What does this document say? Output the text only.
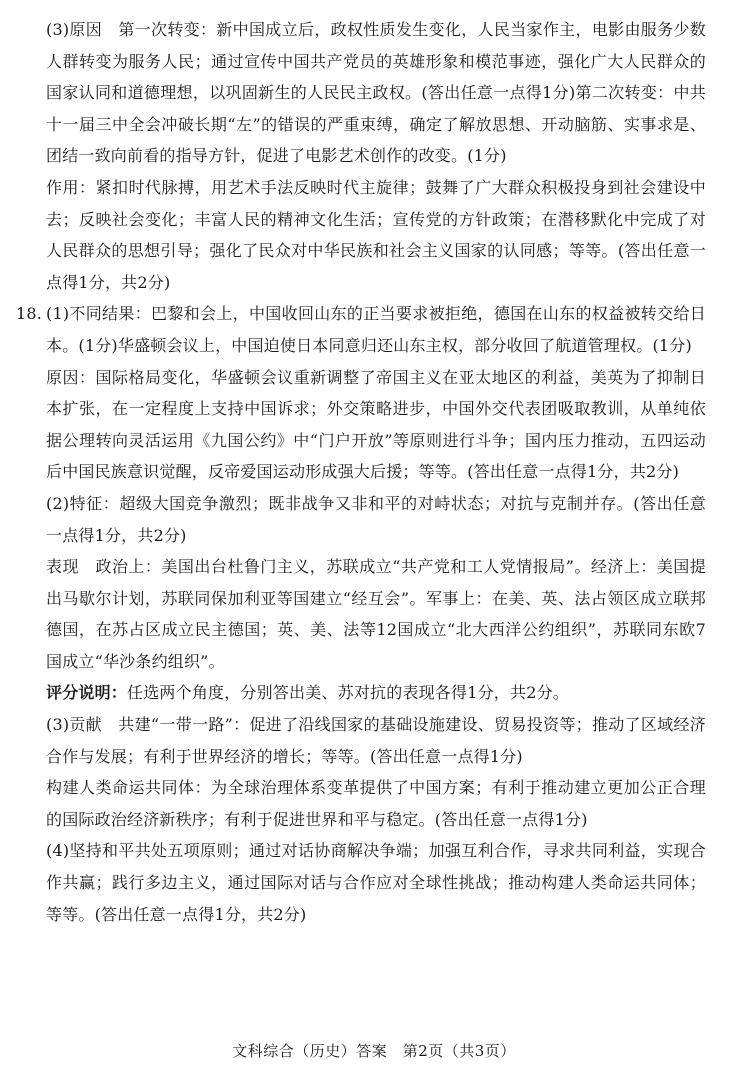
(3)原因　第一次转变：新中国成立后，政权性质发生变化，人民当家作主，电影由服务少数人群转变为服务人民；通过宣传中国共产党员的英雄形象和模范事迹，强化广大人民群众的国家认同和道德理想，以巩固新生的人民民主政权。(答出任意一点得1分)第二次转变：中共十一届三中全会冲破长期“左”的错误的严重束缚，确定了解放思想、开动脑筋、实事求是、团结一致向前看的指导方针，促进了电影艺术创作的改变。(1分)

作用：紧扣时代脉搏，用艺术手法反映时代主旋律；鼓舞了广大群众积极投身到社会建设中去；反映社会变化；丰富人民的精神文化生活；宣传党的方针政策；在潜移默化中完成了对人民群众的思想引导；强化了民众对中华民族和社会主义国家的认同感；等等。(答出任意一点得1分，共2分)

18. (1)不同结果：巴黎和会上，中国收回山东的正当要求被拒绝，德国在山东的权益被转交给日本。(1分)华盛顿会议上，中国迫使日本同意归还山东主权，部分收回了航道管理权。(1分)

原因：国际格局变化，华盛顿会议重新调整了帝国主义在亚太地区的利益，美英为了抑制日本扩张，在一定程度上支持中国诉求；外交策略进步，中国外交代表团吸取教训，从单纯依据公理转向灵活运用《九国公约》中“门户开放”等原则进行斗争；国内压力推动，五四运动后中国民族意识觉醒，反帝爱国运动形成强大后援；等等。(答出任意一点得1分，共2分)

(2)特征：超级大国竞争激烈；既非战争又非和平的对峙状态；对抗与克制并存。(答出任意一点得1分，共2分)

表现　政治上：美国出台杜鲁门主义，苏联成立“共产党和工人党情报局”。经济上：美国提出马歇尔计划，苏联同保加利亚等国建立“经互会”。军事上：在美、英、法占领区成立联邦德国，在苏占区成立民主德国；英、美、法等12国成立“北大西洋公约组织”，苏联同东欧7国成立“华沙条约组织”。

评分说明：任选两个角度，分别答出美、苏对抗的表现各得1分，共2分。

(3)贡献　共建“一带一路”：促进了沿线国家的基础设施建设、贸易投资等；推动了区域经济合作与发展；有利于世界经济的增长；等等。(答出任意一点得1分)

构建人类命运共同体：为全球治理体系变革提供了中国方案；有利于推动建立更加公正合理的国际政治经济新秩序；有利于促进世界和平与稳定。(答出任意一点得1分)

(4)坚持和平共处五项原则；通过对话协商解决争端；加强互利合作，寻求共同利益，实现合作共赢；践行多边主义，通过国际对话与合作应对全球性挑战；推动构建人类命运共同体；等等。(答出任意一点得1分，共2分)

文科综合（历史）答案　第2页（共3页）
